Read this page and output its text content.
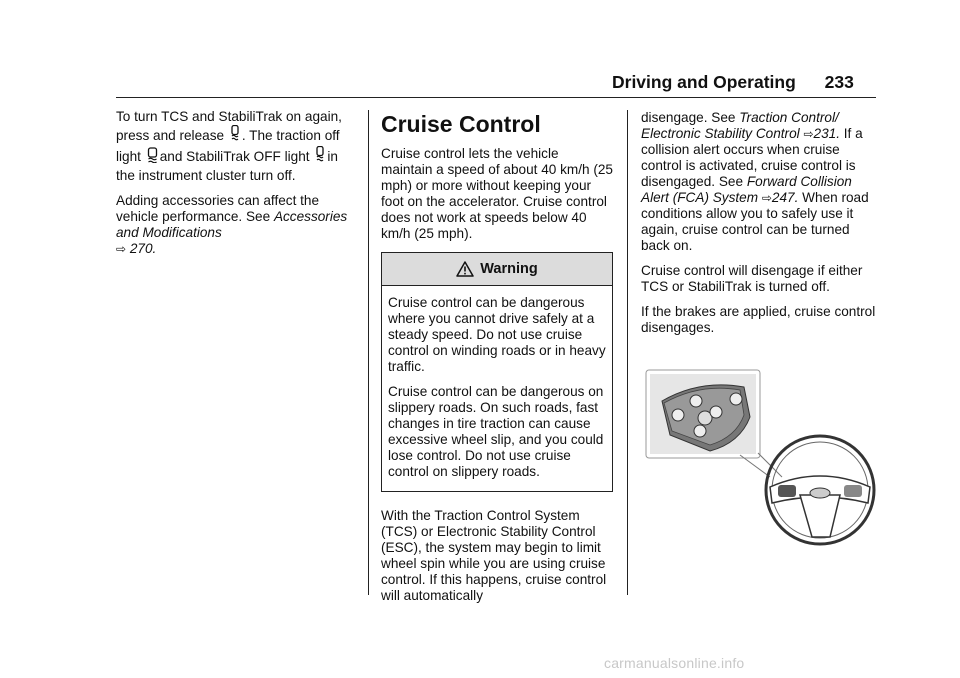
Driving and Operating 233

To turn TCS and StabiliTrak on again, press and release . The traction off light and StabiliTrak OFF light in the instrument cluster turn off.

Adding accessories can affect the vehicle performance. See Accessories and Modifications
⇨ 270.

Cruise Control

Cruise control lets the vehicle maintain a speed of about 40 km/h (25 mph) or more without keeping your foot on the accelerator. Cruise control does not work at speeds below 40 km/h (25 mph).

Warning

Cruise control can be dangerous where you cannot drive safely at a steady speed. Do not use cruise control on winding roads or in heavy traffic.

Cruise control can be dangerous on slippery roads. On such roads, fast changes in tire traction can cause excessive wheel slip, and you could lose control. Do not use cruise control on slippery roads.

With the Traction Control System (TCS) or Electronic Stability Control (ESC), the system may begin to limit wheel spin while you are using cruise control. If this happens, cruise control will automatically

disengage. See Traction Control/ Electronic Stability Control ⇨231. If a collision alert occurs when cruise control is activated, cruise control is disengaged. See Forward Collision Alert (FCA) System ⇨247. When road conditions allow you to safely use it again, cruise control can be turned back on.

Cruise control will disengage if either TCS or StabiliTrak is turned off.

If the brakes are applied, cruise control disengages.

carmanualsonline.info
